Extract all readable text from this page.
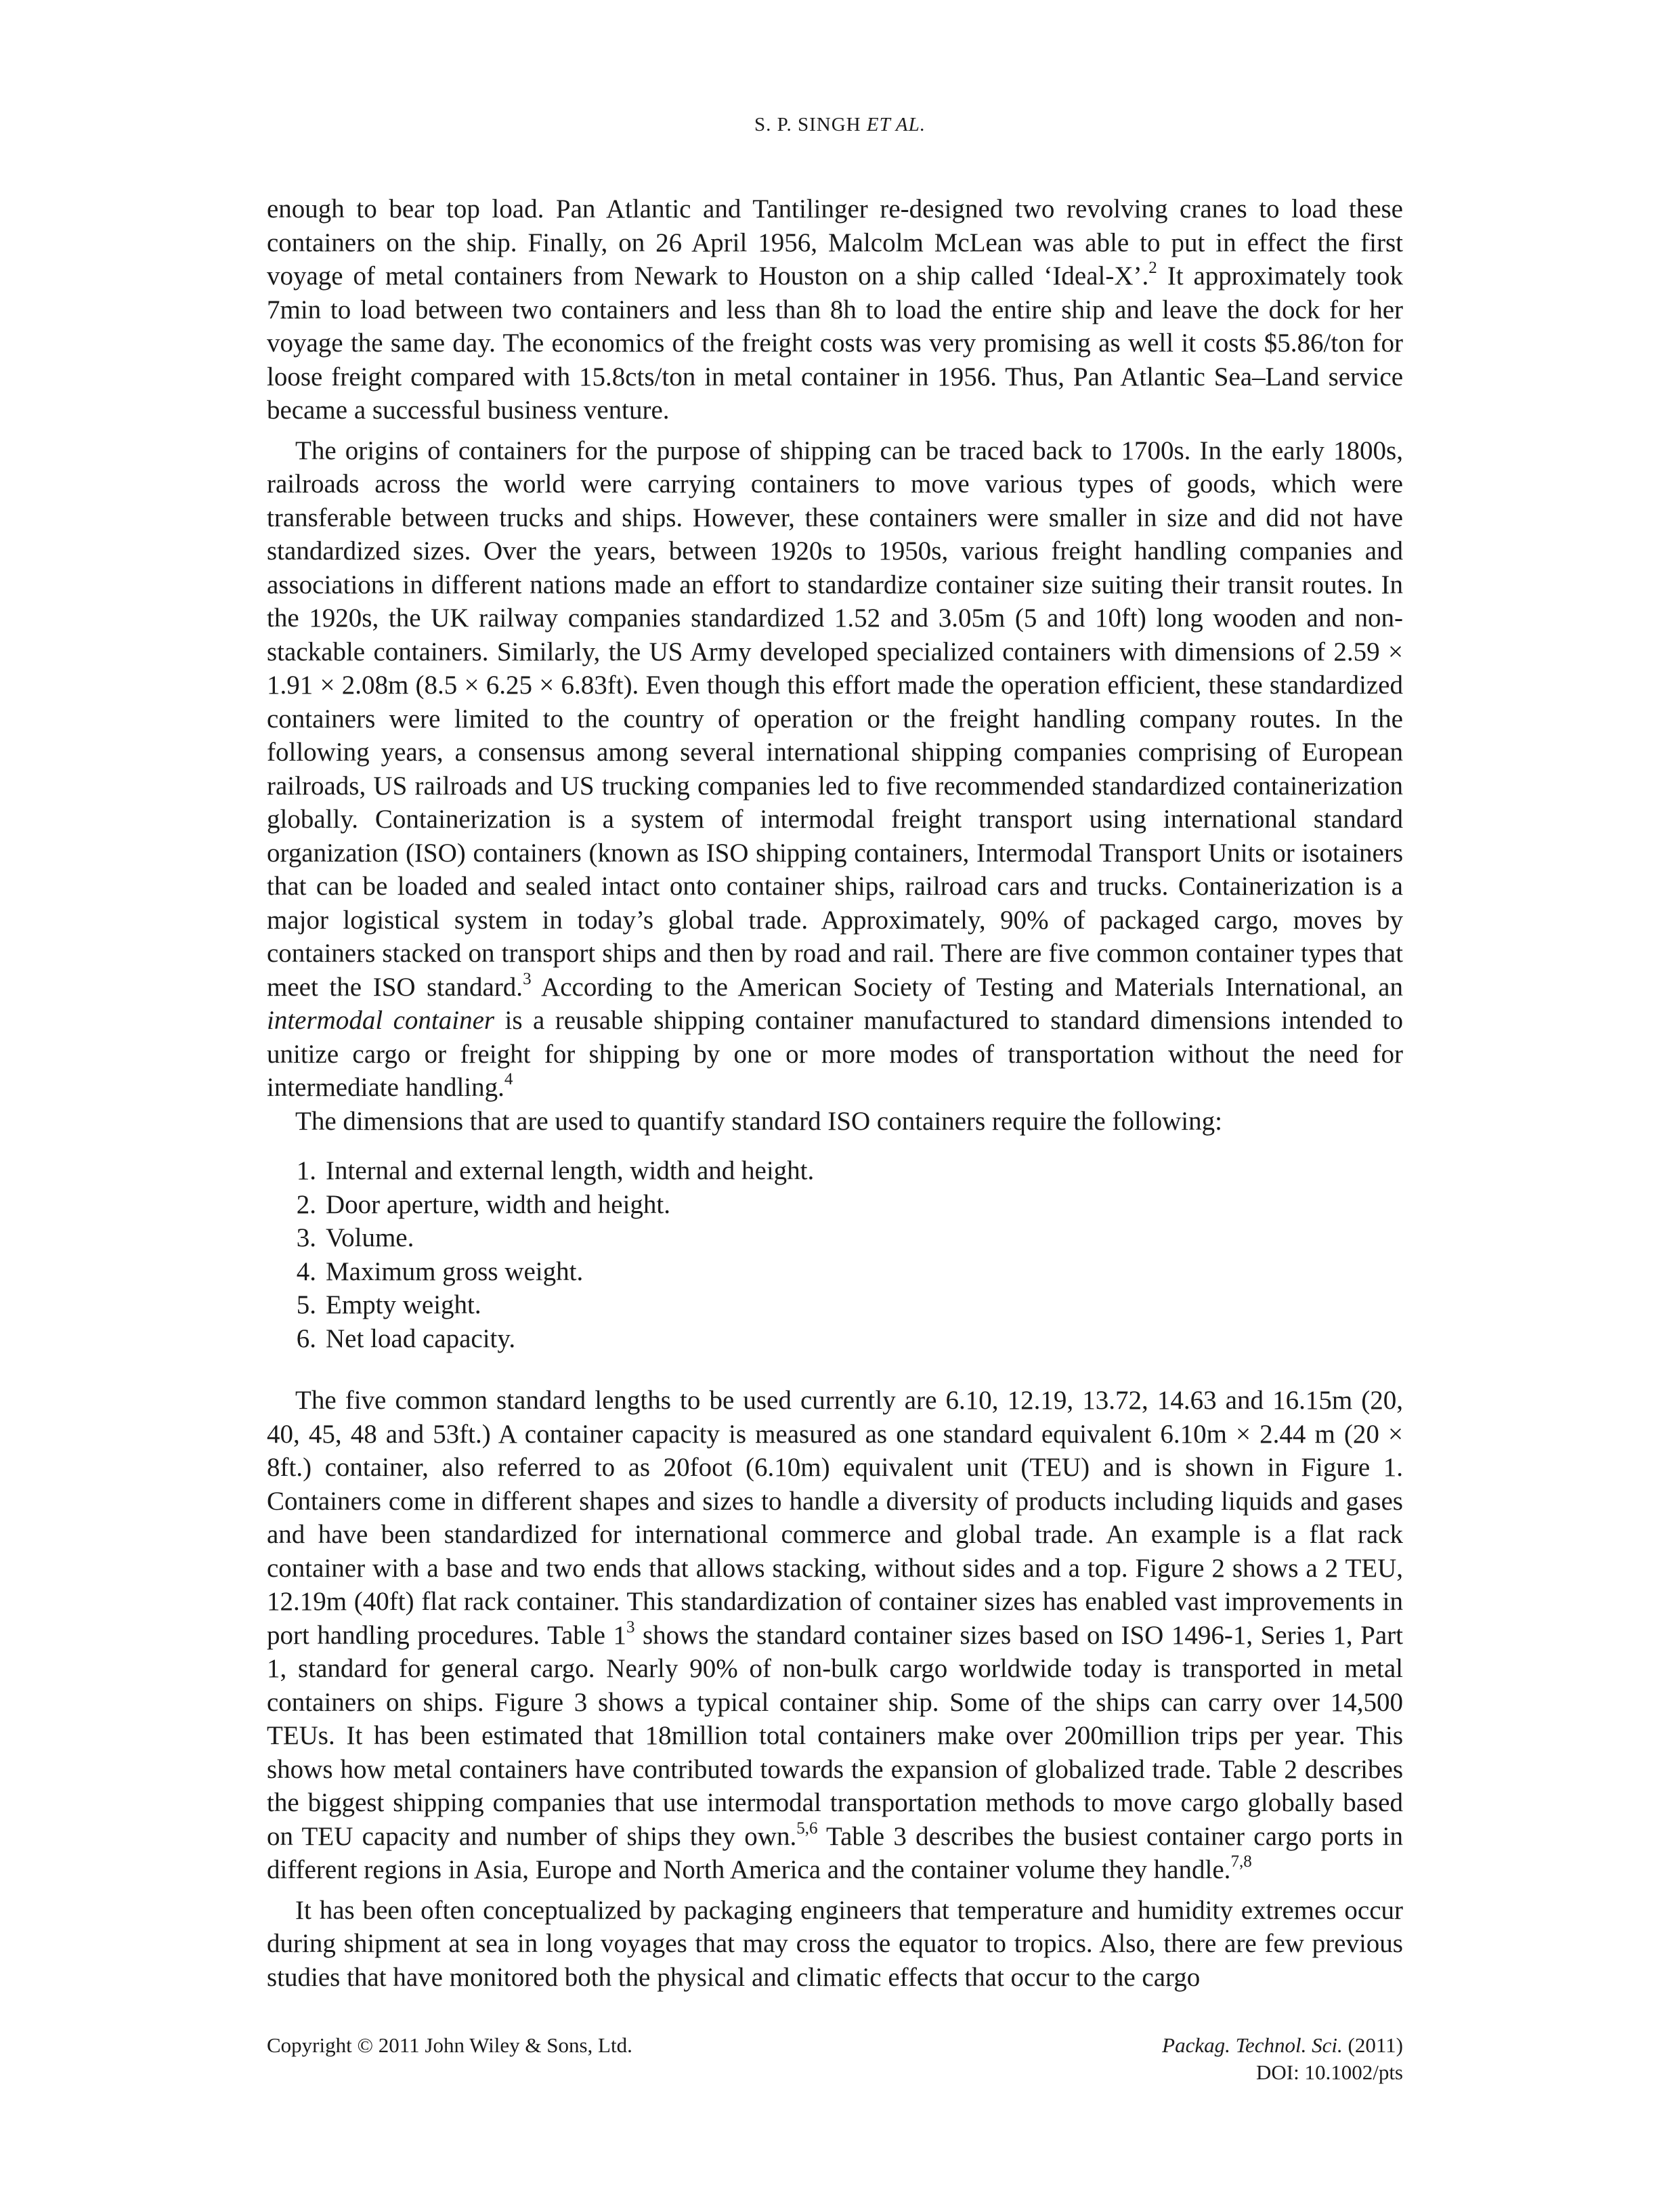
S. P. SINGH ET AL.

enough to bear top load. Pan Atlantic and Tantilinger re-designed two revolving cranes to load these containers on the ship. Finally, on 26 April 1956, Malcolm McLean was able to put in effect the first voyage of metal containers from Newark to Houston on a ship called ‘Ideal-X’.$^2$ It approximately took 7min to load between two containers and less than 8h to load the entire ship and leave the dock for her voyage the same day. The economics of the freight costs was very promising as well it costs $5.86/ton for loose freight compared with 15.8cts/ton in metal container in 1956. Thus, Pan Atlantic Sea–Land service became a successful business venture.

The origins of containers for the purpose of shipping can be traced back to 1700s. In the early 1800s, railroads across the world were carrying containers to move various types of goods, which were transferable between trucks and ships. However, these containers were smaller in size and did not have standardized sizes. Over the years, between 1920s to 1950s, various freight handling companies and associations in different nations made an effort to standardize container size suiting their transit routes. In the 1920s, the UK railway companies standardized 1.52 and 3.05m (5 and 10ft) long wooden and non-stackable containers. Similarly, the US Army developed specialized containers with dimensions of 2.59 × 1.91 × 2.08m (8.5 × 6.25 × 6.83ft). Even though this effort made the operation efficient, these standardized containers were limited to the country of operation or the freight handling company routes. In the following years, a consensus among several international shipping companies comprising of European railroads, US railroads and US trucking companies led to five recommended standardized containerization globally. Containerization is a system of intermodal freight transport using international standard organization (ISO) containers (known as ISO shipping containers, Intermodal Transport Units or isotainers that can be loaded and sealed intact onto container ships, railroad cars and trucks. Containerization is a major logistical system in today’s global trade. Approximately, 90% of packaged cargo, moves by containers stacked on transport ships and then by road and rail. There are five common container types that meet the ISO standard.$^3$ According to the American Society of Testing and Materials International, an intermodal container is a reusable shipping container manufactured to standard dimensions intended to unitize cargo or freight for shipping by one or more modes of transportation without the need for intermediate handling.$^4$

The dimensions that are used to quantify standard ISO containers require the following:

1. Internal and external length, width and height.
2. Door aperture, width and height.
3. Volume.
4. Maximum gross weight.
5. Empty weight.
6. Net load capacity.

The five common standard lengths to be used currently are 6.10, 12.19, 13.72, 14.63 and 16.15m (20, 40, 45, 48 and 53ft.) A container capacity is measured as one standard equivalent 6.10m × 2.44 m (20 × 8ft.) container, also referred to as 20foot (6.10m) equivalent unit (TEU) and is shown in Figure 1. Containers come in different shapes and sizes to handle a diversity of products including liquids and gases and have been standardized for international commerce and global trade. An example is a flat rack container with a base and two ends that allows stacking, without sides and a top. Figure 2 shows a 2 TEU, 12.19m (40ft) flat rack container. This standardization of container sizes has enabled vast improvements in port handling procedures. Table $1^3$ shows the standard container sizes based on ISO 1496-1, Series 1, Part 1, standard for general cargo. Nearly 90% of non-bulk cargo worldwide today is transported in metal containers on ships. Figure 3 shows a typical container ship. Some of the ships can carry over 14,500 TEUs. It has been estimated that 18million total containers make over 200million trips per year. This shows how metal containers have contributed towards the expansion of globalized trade. Table 2 describes the biggest shipping companies that use intermodal transportation methods to move cargo globally based on TEU capacity and number of ships they own.$^{5,6}$ Table 3 describes the busiest container cargo ports in different regions in Asia, Europe and North America and the container volume they handle.$^{7,8}$

It has been often conceptualized by packaging engineers that temperature and humidity extremes occur during shipment at sea in long voyages that may cross the equator to tropics. Also, there are few previous studies that have monitored both the physical and climatic effects that occur to the cargo

Copyright © 2011 John Wiley & Sons, Ltd.	Packag. Technol. Sci. (2011)
DOI: 10.1002/pts
